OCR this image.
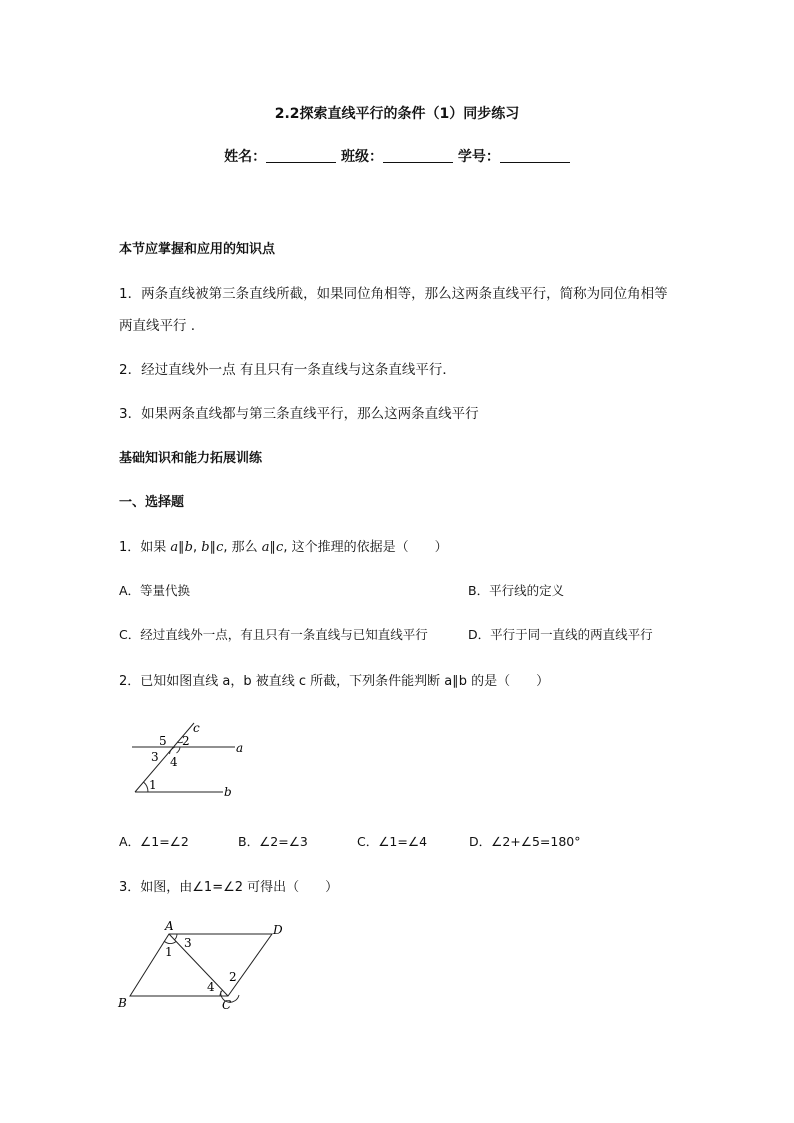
2.2探索直线平行的条件（1）同步练习
姓名：	班级：	学号：
本节应掌握和应用的知识点
1．两条直线被第三条直线所截，如果同位角相等，那么这两条直线平行，简称为同位角相等
两直线平行 .
2．经过直线外一点 有且只有一条直线与这条直线平行．
3．如果两条直线都与第三条直线平行，那么这两条直线平行
基础知识和能力拓展训练
一、选择题
1．如果 a∥b, b∥c, 那么 a∥c, 这个推理的依据是（　　）
A．等量代换	B．平行线的定义
C．经过直线外一点，有且只有一条直线与已知直线平行	D．平行于同一直线的两直线平行
2．已知如图直线 a，b 被直线 c 所截，下列条件能判断 a∥b 的是（　　）
c
a
b
5 2
3 4
1
A．∠1=∠2	B．∠2=∠3	C．∠1=∠4	D．∠2+∠5=180°
3．如图，由∠1=∠2 可得出（　　）
A	D
B	C
1
3
2
4
